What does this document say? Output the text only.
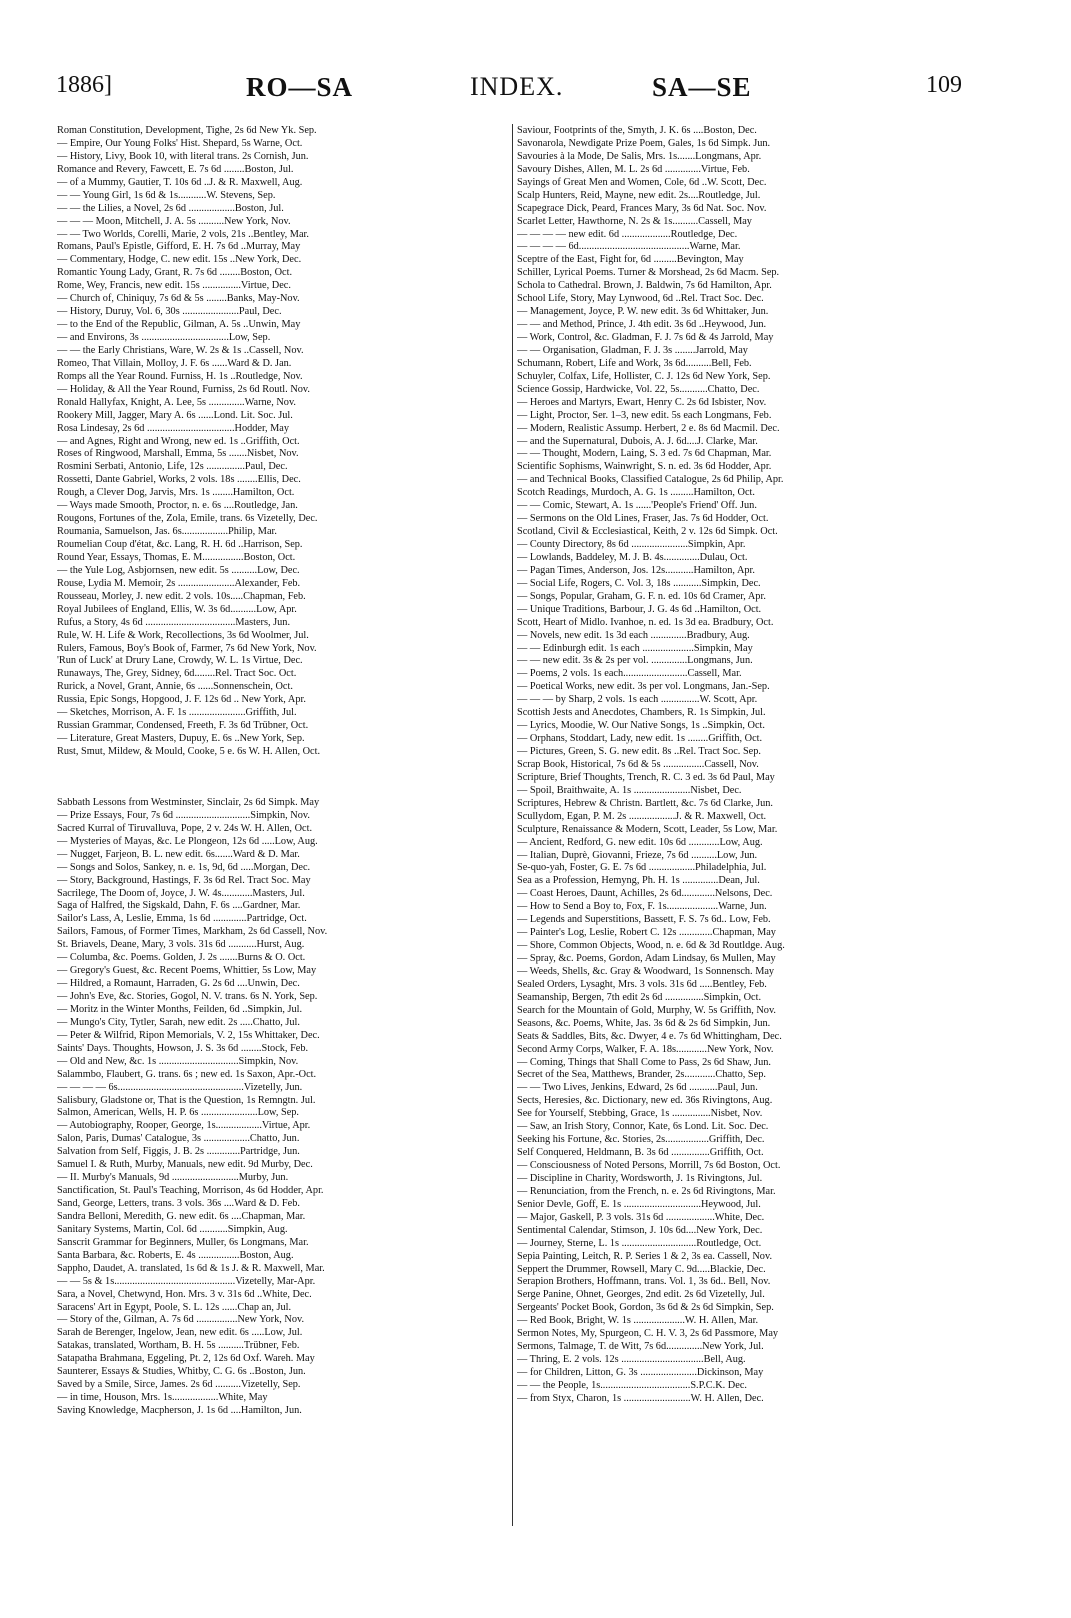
1886]	RO—SA	INDEX.	SA—SE	109
Roman Constitution, Development, Tighe, 2s 6d New Yk. Sep.
— Empire, Our Young Folks' Hist. Shepard, 5s Warne, Oct.
— History, Livy, Book 10, with literal trans. 2s Cornish, Jun.
Romance and Revery, Fawcett, E. 7s 6d ........Boston, Jul.
— of a Mummy, Gautier, T. 10s 6d ..J. & R. Maxwell, Aug.
— — Young Girl, 1s 6d & 1s...........W. Stevens, Sep.
— — the Lilies, a Novel, 2s 6d ..................Boston, Jul.
— — — Moon, Mitchell, J. A. 5s ..........New York, Nov.
— — Two Worlds, Corelli, Marie, 2 vols, 21s ..Bentley, Mar.
Romans, Paul's Epistle, Gifford, E. H. 7s 6d ..Murray, May
— Commentary, Hodge, C. new edit. 15s ..New York, Dec.
Romantic Young Lady, Grant, R. 7s 6d ........Boston, Oct.
Rome, Wey, Francis, new edit. 15s ...............Virtue, Dec.
— Church of, Chiniquy, 7s 6d & 5s ........Banks, May-Nov.
— History, Duruy, Vol. 6, 30s ......................Paul, Dec.
— to the End of the Republic, Gilman, A. 5s ..Unwin, May
— and Environs, 3s ..................................Low, Sep.
— — the Early Christians, Ware, W. 2s & 1s ..Cassell, Nov.
Romeo, That Villain, Molloy, J. F. 6s ......Ward & D. Jan.
Romps all the Year Round. Furniss, H. 1s ..Routledge, Nov.
— Holiday, & All the Year Round, Furniss, 2s 6d Routl. Nov.
Ronald Hallyfax, Knight, A. Lee, 5s ..............Warne, Nov.
Rookery Mill, Jagger, Mary A. 6s ......Lond. Lit. Soc. Jul.
Rosa Lindesay, 2s 6d ..................................Hodder, May
— and Agnes, Right and Wrong, new ed. 1s ..Griffith, Oct.
Roses of Ringwood, Marshall, Emma, 5s .......Nisbet, Nov.
Rosmini Serbati, Antonio, Life, 12s ...............Paul, Dec.
Rossetti, Dante Gabriel, Works, 2 vols. 18s ........Ellis, Dec.
Rough, a Clever Dog, Jarvis, Mrs. 1s ........Hamilton, Oct.
— Ways made Smooth, Proctor, n. e. 6s ....Routledge, Jan.
Rougons, Fortunes of the, Zola, Emile, trans. 6s Vizetelly, Dec.
Roumania, Samuelson, Jas. 6s..................Philip, Mar.
Roumelian Coup d'état, &c. Lang, R. H. 6d ..Harrison, Sep.
Round Year, Essays, Thomas, E. M................Boston, Oct.
— the Yule Log, Asbjornsen, new edit. 5s ..........Low, Dec.
Rouse, Lydia M. Memoir, 2s ......................Alexander, Feb.
Rousseau, Morley, J. new edit. 2 vols. 10s.....Chapman, Feb.
Royal Jubilees of England, Ellis, W. 3s 6d..........Low, Apr.
Rufus, a Story, 4s 6d ...................................Masters, Jun.
Rule, W. H. Life & Work, Recollections, 3s 6d Woolmer, Jul.
Rulers, Famous, Boy's Book of, Farmer, 7s 6d New York, Nov.
'Run of Luck' at Drury Lane, Crowdy, W. L. 1s Virtue, Dec.
Runaways, The, Grey, Sidney, 6d........Rel. Tract Soc. Oct.
Rurick, a Novel, Grant, Annie, 6s ......Sonnenschein, Oct.
Russia, Epic Songs, Hopgood, J. F. 12s 6d .. New York, Apr.
— Sketches, Morrison, A. F. 1s ......................Griffith, Jul.
Russian Grammar, Condensed, Freeth, F. 3s 6d Trübner, Oct.
— Literature, Great Masters, Dupuy, E. 6s ..New York, Sep.
Rust, Smut, Mildew, & Mould, Cooke, 5 e. 6s W. H. Allen, Oct.
Sabbath Lessons from Westminster, Sinclair, 2s 6d Simpk. May
— Prize Essays, Four, 7s 6d .............................Simpkin, Nov.
Sacred Kurral of Tiruvalluva, Pope, 2 v. 24s W. H. Allen, Oct.
— Mysteries of Mayas, &c. Le Plongeon, 12s 6d .....Low, Aug.
— Nugget, Farjeon, B. L. new edit. 6s.......Ward & D. Mar.
— Songs and Solos, Sankey, n. e. 1s, 9d, 6d .....Morgan, Dec.
— Story, Background, Hastings, F. 3s 6d Rel. Tract Soc. May
Sacrilege, The Doom of, Joyce, J. W. 4s............Masters, Jul.
Saga of Halfred, the Sigskald, Dahn, F. 6s ....Gardner, Mar.
Sailor's Lass, A, Leslie, Emma, 1s 6d .............Partridge, Oct.
Sailors, Famous, of Former Times, Markham, 2s 6d Cassell, Nov.
St. Briavels, Deane, Mary, 3 vols. 31s 6d ...........Hurst, Aug.
— Columba, &c. Poems. Golden, J. 2s .......Burns & O. Oct.
— Gregory's Guest, &c. Recent Poems, Whittier, 5s Low, May
— Hildred, a Romaunt, Harraden, G. 2s 6d ....Unwin, Dec.
— John's Eve, &c. Stories, Gogol, N. V. trans. 6s N. York, Sep.
— Moritz in the Winter Months, Feilden, 6d ..Simpkin, Jul.
— Mungo's City, Tytler, Sarah, new edit. 2s .....Chatto, Jul.
— Peter & Wilfrid, Ripon Memorials, V. 2, 15s Whittaker, Dec.
Saints' Days. Thoughts, Howson, J. S. 3s 6d ........Stock, Feb.
— Old and New, &c. 1s ...............................Simpkin, Nov.
Salammbo, Flaubert, G. trans. 6s ; new ed. 1s Saxon, Apr.-Oct.
— — — — 6s.................................................Vizetelly, Jun.
Salisbury, Gladstone or, That is the Question, 1s Remngtn. Jul.
Salmon, American, Wells, H. P. 6s ......................Low, Sep.
— Autobiography, Rooper, George, 1s..................Virtue, Apr.
Salon, Paris, Dumas' Catalogue, 3s ..................Chatto, Jun.
Salvation from Self, Figgis, J. B. 2s .............Partridge, Jun.
Samuel I. & Ruth, Murby, Manuals, new edit. 9d Murby, Dec.
— II. Murby's Manuals, 9d ..........................Murby, Jun.
Sanctification, St. Paul's Teaching, Morrison, 4s 6d Hodder, Apr.
Sand, George, Letters, trans. 3 vols. 36s ....Ward & D. Feb.
Sandra Belloni, Meredith, G. new edit. 6s ....Chapman, Mar.
Sanitary Systems, Martin, Col. 6d ...........Simpkin, Aug.
Sanscrit Grammar for Beginners, Muller, 6s Longmans, Mar.
Santa Barbara, &c. Roberts, E. 4s ................Boston, Aug.
Sappho, Daudet, A. translated, 1s 6d & 1s J. & R. Maxwell, Mar.
— — 5s & 1s...............................................Vizetelly, Mar-Apr.
Sara, a Novel, Chetwynd, Hon. Mrs. 3 v. 31s 6d ..White, Dec.
Saracens' Art in Egypt, Poole, S. L. 12s ......Chap an, Jul.
— Story of the, Gilman, A. 7s 6d ................New York, Nov.
Sarah de Berenger, Ingelow, Jean, new edit. 6s .....Low, Jul.
Satakas, translated, Wortham, B. H. 5s ..........Trübner, Feb.
Satapatha Brahmana, Eggeling, Pt. 2, 12s 6d Oxf. Wareh. May
Saunterer, Essays & Studies, Whitby, C. G. 6s ..Boston, Jun.
Saved by a Smile, Sirce, James. 2s 6d ..........Vizetelly, Sep.
— in time, Houson, Mrs. 1s..................White, May
Saving Knowledge, Macpherson, J. 1s 6d ....Hamilton, Jun.
Saviour, Footprints of the, Smyth, J. K. 6s ....Boston, Dec.
Savonarola, Newdigate Prize Poem, Gales, 1s 6d Simpk. Jun.
Savouries à la Mode, De Salis, Mrs. 1s.......Longmans, Apr.
Savoury Dishes, Allen, M. L. 2s 6d ..............Virtue, Feb.
Sayings of Great Men and Women, Cole, 6d ..W. Scott, Dec.
Scalp Hunters, Reid, Mayne, new edit. 2s....Routledge, Jul.
Scapegrace Dick, Peard, Frances Mary, 3s 6d Nat. Soc. Nov.
Scarlet Letter, Hawthorne, N. 2s & 1s..........Cassell, May
— — — — new edit. 6d ...................Routledge, Dec.
— — — — 6d...........................................Warne, Mar.
Sceptre of the East, Fight for, 6d .........Bevington, May
Schiller, Lyrical Poems. Turner & Morshead, 2s 6d Macm. Sep.
Schola to Cathedral. Brown, J. Baldwin, 7s 6d Hamilton, Apr.
School Life, Story, May Lynwood, 6d ..Rel. Tract Soc. Dec.
— Management, Joyce, P. W. new edit. 3s 6d Whittaker, Jun.
— — and Method, Prince, J. 4th edit. 3s 6d ..Heywood, Jun.
— Work, Control, &c. Gladman, F. J. 7s 6d & 4s Jarrold, May
— — Organisation, Gladman, F. J. 3s ........Jarrold, May
Schumann, Robert, Life and Work, 3s 6d..........Bell, Feb.
Schuyler, Colfax, Life, Hollister, C. J. 12s 6d New York, Sep.
Science Gossip, Hardwicke, Vol. 22, 5s...........Chatto, Dec.
— Heroes and Martyrs, Ewart, Henry C. 2s 6d Isbister, Nov.
— Light, Proctor, Ser. 1–3, new edit. 5s each Longmans, Feb.
— Modern, Realistic Assump. Herbert, 2 e. 8s 6d Macmil. Dec.
— and the Supernatural, Dubois, A. J. 6d....J. Clarke, Mar.
— — Thought, Modern, Laing, S. 3 ed. 7s 6d Chapman, Mar.
Scientific Sophisms, Wainwright, S. n. ed. 3s 6d Hodder, Apr.
— and Technical Books, Classified Catalogue, 2s 6d Philip, Apr.
Scotch Readings, Murdoch, A. G. 1s .........Hamilton, Oct.
— — Comic, Stewart, A. 1s ......'People's Friend' Off. Jun.
— Sermons on the Old Lines, Fraser, Jas. 7s 6d Hodder, Oct.
Scotland, Civil & Ecclesiastical, Keith, 2 v. 12s 6d Simpk. Oct.
— County Directory, 8s 6d ......................Simpkin, Apr.
— Lowlands, Baddeley, M. J. B. 4s..............Dulau, Oct.
— Pagan Times, Anderson, Jos. 12s...........Hamilton, Apr.
— Social Life, Rogers, C. Vol. 3, 18s ...........Simpkin, Dec.
— Songs, Popular, Graham, G. F. n. ed. 10s 6d Cramer, Apr.
— Unique Traditions, Barbour, J. G. 4s 6d ..Hamilton, Oct.
Scott, Heart of Midlo. Ivanhoe, n. ed. 1s 3d ea. Bradbury, Oct.
— Novels, new edit. 1s 3d each ..............Bradbury, Aug.
— — Edinburgh edit. 1s each ....................Simpkin, May
— — new edit. 3s & 2s per vol. ..............Longmans, Jun.
— Poems, 2 vols. 1s each.........................Cassell, Mar.
— Poetical Works, new edit. 3s per vol. Longmans, Jan.-Sep.
— — — by Sharp, 2 vols. 1s each ...............W. Scott, Apr.
Scottish Jests and Anecdotes, Chambers, R. 1s Simpkin, Jul.
— Lyrics, Moodie, W. Our Native Songs, 1s ..Simpkin, Oct.
— Orphans, Stoddart, Lady, new edit. 1s ........Griffith, Oct.
— Pictures, Green, S. G. new edit. 8s ..Rel. Tract Soc. Sep.
Scrap Book, Historical, 7s 6d & 5s ................Cassell, Nov.
Scripture, Brief Thoughts, Trench, R. C. 3 ed. 3s 6d Paul, May
— Spoil, Braithwaite, A. 1s ......................Nisbet, Dec.
Scriptures, Hebrew & Christn. Bartlett, &c. 7s 6d Clarke, Jun.
Scullydom, Egan, P. M. 2s ..................J. & R. Maxwell, Oct.
Sculpture, Renaissance & Modern, Scott, Leader, 5s Low, Mar.
— Ancient, Redford, G. new edit. 10s 6d ............Low, Aug.
— Italian, Duprè, Giovanni, Frieze, 7s 6d ..........Low, Jun.
Se-quo-yah, Foster, G. E. 7s 6d ..................Philadelphia, Jul.
Sea as a Profession, Hemyng, Ph. H. 1s ..............Dean, Jul.
— Coast Heroes, Daunt, Achilles, 2s 6d.............Nelsons, Dec.
— How to Send a Boy to, Fox, F. 1s....................Warne, Jun.
— Legends and Superstitions, Bassett, F. S. 7s 6d.. Low, Feb.
— Painter's Log, Leslie, Robert C. 12s .............Chapman, May
— Shore, Common Objects, Wood, n. e. 6d & 3d Routldge. Aug.
— Spray, &c. Poems, Gordon, Adam Lindsay, 6s Mullen, May
— Weeds, Shells, &c. Gray & Woodward, 1s Sonnensch. May
Sealed Orders, Lysaght, Mrs. 3 vols. 31s 6d .....Bentley, Feb.
Seamanship, Bergen, 7th edit 2s 6d ...............Simpkin, Oct.
Search for the Mountain of Gold, Murphy, W. 5s Griffith, Nov.
Seasons, &c. Poems, White, Jas. 3s 6d & 2s 6d Simpkin, Jun.
Seats & Saddles, Bits, &c. Dwyer, 4 e. 7s 6d Whittingham, Dec.
Second Army Corps, Walker, F. A. 18s............New York, Nov.
— Coming, Things that Shall Come to Pass, 2s 6d Shaw, Jun.
Secret of the Sea, Matthews, Brander, 2s............Chatto, Sep.
— — Two Lives, Jenkins, Edward, 2s 6d ...........Paul, Jun.
Sects, Heresies, &c. Dictionary, new ed. 36s Rivingtons, Aug.
See for Yourself, Stebbing, Grace, 1s ...............Nisbet, Nov.
— Saw, an Irish Story, Connor, Kate, 6s Lond. Lit. Soc. Dec.
Seeking his Fortune, &c. Stories, 2s.................Griffith, Dec.
Self Conquered, Heldmann, B. 3s 6d ...............Griffith, Oct.
— Consciousness of Noted Persons, Morrill, 7s 6d Boston, Oct.
— Discipline in Charity, Wordsworth, J. 1s Rivingtons, Jul.
— Renunciation, from the French, n. e. 2s 6d Rivingtons, Mar.
Senior Devle, Goff, E. 1s ..............................Heywood, Jul.
— Major, Gaskell, P. 3 vols. 31s 6d ...................White, Dec.
Sentimental Calendar, Stimson, J. 10s 6d....New York, Dec.
— Journey, Sterne, L. 1s .............................Routledge, Oct.
Sepia Painting, Leitch, R. P. Series 1 & 2, 3s ea. Cassell, Nov.
Seppert the Drummer, Rowsell, Mary C. 9d.....Blackie, Dec.
Serapion Brothers, Hoffmann, trans. Vol. 1, 3s 6d.. Bell, Nov.
Serge Panine, Ohnet, Georges, 2nd edit. 2s 6d Vizetelly, Jul.
Sergeants' Pocket Book, Gordon, 3s 6d & 2s 6d Simpkin, Sep.
— Red Book, Bright, W. 1s ....................W. H. Allen, Mar.
Sermon Notes, My, Spurgeon, C. H. V. 3, 2s 6d Passmore, May
Sermons, Talmage, T. de Witt, 7s 6d..............New York, Jul.
— Thring, E. 2 vols. 12s ................................Bell, Aug.
— for Children, Litton, G. 3s ......................Dickinson, May
— — the People, 1s...................................S.P.C.K. Dec.
— from Styx, Charon, 1s ..........................W. H. Allen, Dec.
